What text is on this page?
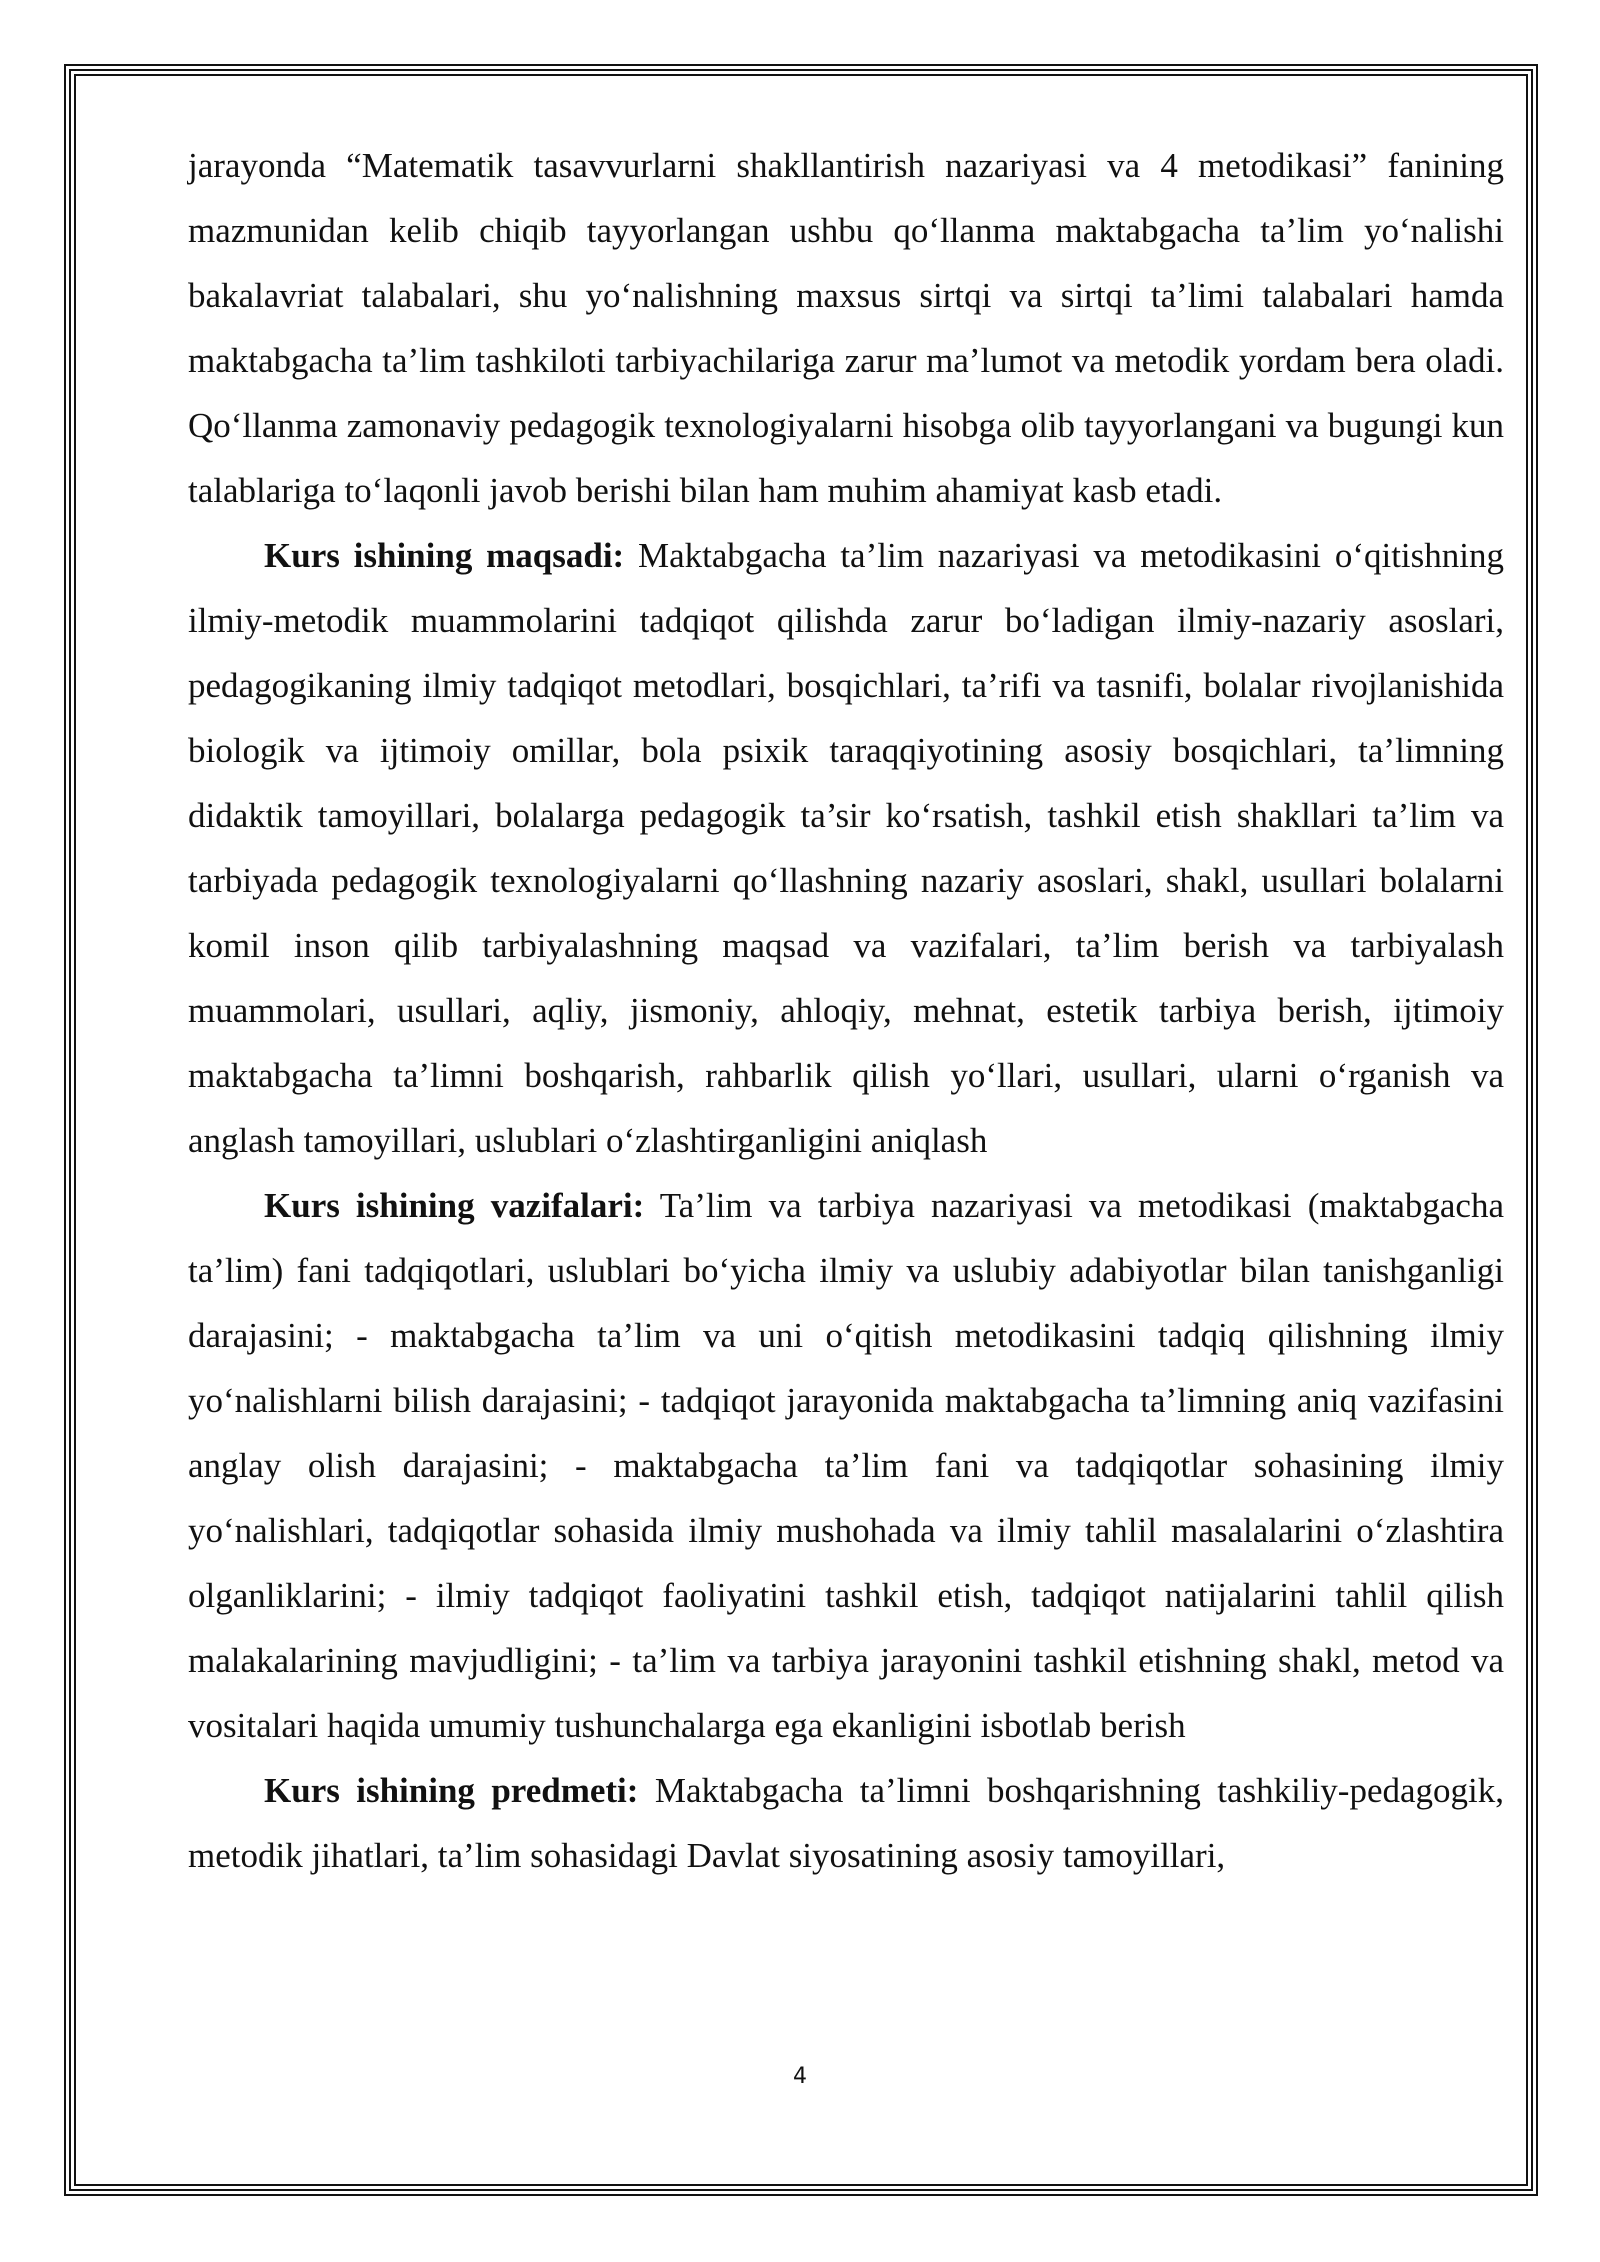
jarayonda “Matematik tasavvurlarni shakllantirish nazariyasi va 4 metodikasi” fanining mazmunidan kelib chiqib tayyorlangan ushbu qo‘llanma maktabgacha ta’lim yo‘nalishi bakalavriat talabalari, shu yo‘nalishning maxsus sirtqi va sirtqi ta’limi talabalari hamda maktabgacha ta’lim tashkiloti tarbiyachilariga zarur ma’lumot va metodik yordam bera oladi. Qo‘llanma zamonaviy pedagogik texnologiyalarni hisobga olib tayyorlangani va bugungi kun talablariga to‘laqonli javob berishi bilan ham muhim ahamiyat kasb etadi.

Kurs ishining maqsadi: Maktabgacha ta’lim nazariyasi va metodikasini o‘qitishning ilmiy-metodik muammolarini tadqiqot qilishda zarur bo‘ladigan ilmiy-nazariy asoslari, pedagogikaning ilmiy tadqiqot metodlari, bosqichlari, ta’rifi va tasnifi, bolalar rivojlanishida biologik va ijtimoiy omillar, bola psixik taraqqiyotining asosiy bosqichlari, ta’limning didaktik tamoyillari, bolalarga pedagogik ta’sir ko‘rsatish, tashkil etish shakllari ta’lim va tarbiyada pedagogik texnologiyalarni qo‘llashning nazariy asoslari, shakl, usullari bolalarni komil inson qilib tarbiyalashning maqsad va vazifalari, ta’lim berish va tarbiyalash muammolari, usullari, aqliy, jismoniy, ahloqiy, mehnat, estetik tarbiya berish, ijtimoiy maktabgacha ta’limni boshqarish, rahbarlik qilish yo‘llari, usullari, ularni o‘rganish va anglash tamoyillari, uslublari o‘zlashtirganligini aniqlash

Kurs ishining vazifalari: Ta’lim va tarbiya nazariyasi va metodikasi (maktabgacha ta’lim) fani tadqiqotlari, uslublari bo‘yicha ilmiy va uslubiy adabiyotlar bilan tanishganligi darajasini; - maktabgacha ta’lim va uni o‘qitish metodikasini tadqiq qilishning ilmiy yo‘nalishlarni bilish darajasini; - tadqiqot jarayonida maktabgacha ta’limning aniq vazifasini anglay olish darajasini; - maktabgacha ta’lim fani va tadqiqotlar sohasining ilmiy yo‘nalishlari, tadqiqotlar sohasida ilmiy mushohada va ilmiy tahlil masalalarini o‘zlashtira olganliklarini; - ilmiy tadqiqot faoliyatini tashkil etish, tadqiqot natijalarini tahlil qilish malakalarining mavjudligini; - ta’lim va tarbiya jarayonini tashkil etishning shakl, metod va vositalari haqida umumiy tushunchalarga ega ekanligini isbotlab berish

Kurs ishining predmeti: Maktabgacha ta’limni boshqarishning tashkiliy-pedagogik, metodik jihatlari, ta’lim sohasidagi Davlat siyosatining asosiy tamoyillari,

4
